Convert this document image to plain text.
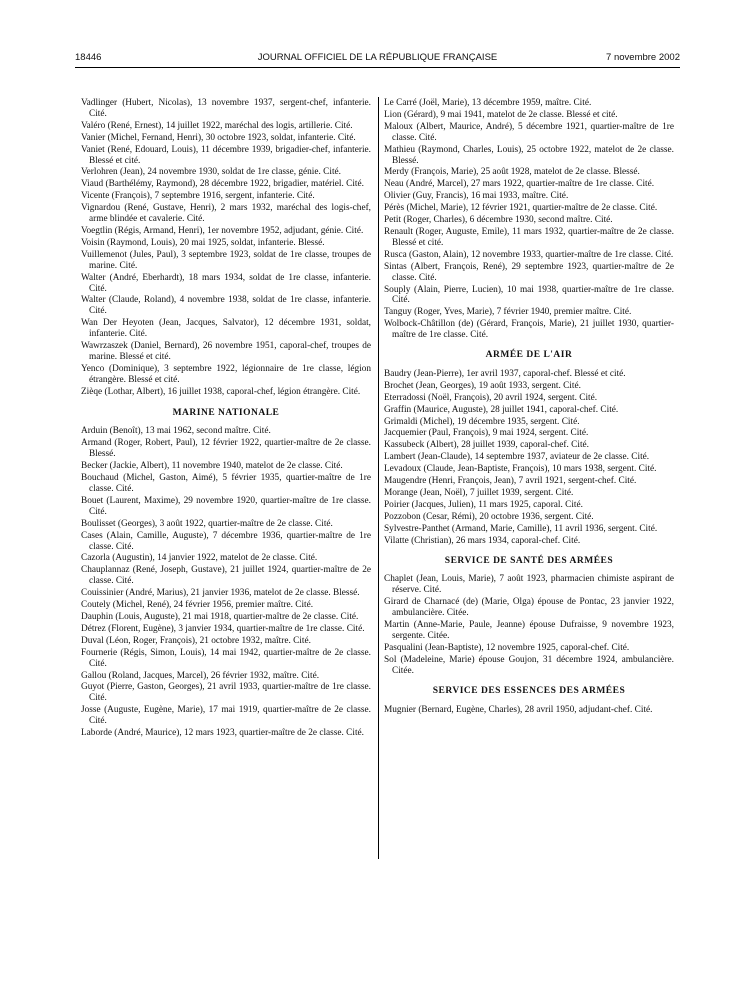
18446	JOURNAL OFFICIEL DE LA RÉPUBLIQUE FRANÇAISE	7 novembre 2002
Vadlinger (Hubert, Nicolas), 13 novembre 1937, sergent-chef, infanterie. Cité.
Valéro (René, Ernest), 14 juillet 1922, maréchal des logis, artillerie. Cité.
Vanier (Michel, Fernand, Henri), 30 octobre 1923, soldat, infanterie. Cité.
Vaniet (René, Edouard, Louis), 11 décembre 1939, brigadier-chef, infanterie. Blessé et cité.
Verlohren (Jean), 24 novembre 1930, soldat de 1re classe, génie. Cité.
Viaud (Barthélémy, Raymond), 28 décembre 1922, brigadier, matériel. Cité.
Vicente (François), 7 septembre 1916, sergent, infanterie. Cité.
Vignardou (René, Gustave, Henri), 2 mars 1932, maréchal des logis-chef, arme blindée et cavalerie. Cité.
Voegtlin (Régis, Armand, Henri), 1er novembre 1952, adjudant, génie. Cité.
Voisin (Raymond, Louis), 20 mai 1925, soldat, infanterie. Blessé.
Vuillemenot (Jules, Paul), 3 septembre 1923, soldat de 1re classe, troupes de marine. Cité.
Walter (André, Eberhardt), 18 mars 1934, soldat de 1re classe, infanterie. Cité.
Walter (Claude, Roland), 4 novembre 1938, soldat de 1re classe, infanterie. Cité.
Wan Der Heyoten (Jean, Jacques, Salvator), 12 décembre 1931, soldat, infanterie. Cité.
Wawrzaszek (Daniel, Bernard), 26 novembre 1951, caporal-chef, troupes de marine. Blessé et cité.
Yenco (Dominique), 3 septembre 1922, légionnaire de 1re classe, légion étrangère. Blessé et cité.
Zièqe (Lothar, Albert), 16 juillet 1938, caporal-chef, légion étrangère. Cité.
MARINE NATIONALE
Arduin (Benoît), 13 mai 1962, second maître. Cité.
Armand (Roger, Robert, Paul), 12 février 1922, quartier-maître de 2e classe. Blessé.
Becker (Jackie, Albert), 11 novembre 1940, matelot de 2e classe. Cité.
Bouchaud (Michel, Gaston, Aimé), 5 février 1935, quartier-maître de 1re classe. Cité.
Bouet (Laurent, Maxime), 29 novembre 1920, quartier-maître de 1re classe. Cité.
Boulisset (Georges), 3 août 1922, quartier-maître de 2e classe. Cité.
Cases (Alain, Camille, Auguste), 7 décembre 1936, quartier-maître de 1re classe. Cité.
Cazorla (Augustin), 14 janvier 1922, matelot de 2e classe. Cité.
Chauplannaz (René, Joseph, Gustave), 21 juillet 1924, quartier-maître de 2e classe. Cité.
Couissinier (André, Marius), 21 janvier 1936, matelot de 2e classe. Blessé.
Coutely (Michel, René), 24 février 1956, premier maître. Cité.
Dauphin (Louis, Auguste), 21 mai 1918, quartier-maître de 2e classe. Cité.
Détrez (Florent, Eugène), 3 janvier 1934, quartier-maître de 1re classe. Cité.
Duval (Léon, Roger, François), 21 octobre 1932, maître. Cité.
Fournerie (Régis, Simon, Louis), 14 mai 1942, quartier-maître de 2e classe. Cité.
Gallou (Roland, Jacques, Marcel), 26 février 1932, maître. Cité.
Guyot (Pierre, Gaston, Georges), 21 avril 1933, quartier-maître de 1re classe. Cité.
Josse (Auguste, Eugène, Marie), 17 mai 1919, quartier-maître de 2e classe. Cité.
Laborde (André, Maurice), 12 mars 1923, quartier-maître de 2e classe. Cité.
Le Carré (Joël, Marie), 13 décembre 1959, maître. Cité.
Lion (Gérard), 9 mai 1941, matelot de 2e classe. Blessé et cité.
Maloux (Albert, Maurice, André), 5 décembre 1921, quartier-maître de 1re classe. Cité.
Mathieu (Raymond, Charles, Louis), 25 octobre 1922, matelot de 2e classe. Blessé.
Merdy (François, Marie), 25 août 1928, matelot de 2e classe. Blessé.
Neau (André, Marcel), 27 mars 1922, quartier-maître de 1re classe. Cité.
Olivier (Guy, Francis), 16 mai 1933, maître. Cité.
Pérès (Michel, Marie), 12 février 1921, quartier-maître de 2e classe. Cité.
Petit (Roger, Charles), 6 décembre 1930, second maître. Cité.
Renault (Roger, Auguste, Emile), 11 mars 1932, quartier-maître de 2e classe. Blessé et cité.
Rusca (Gaston, Alain), 12 novembre 1933, quartier-maître de 1re classe. Cité.
Sintas (Albert, François, René), 29 septembre 1923, quartier-maître de 2e classe. Cité.
Souply (Alain, Pierre, Lucien), 10 mai 1938, quartier-maître de 1re classe. Cité.
Tanguy (Roger, Yves, Marie), 7 février 1940, premier maître. Cité.
Wolbock-Châtillon (de) (Gérard, François, Marie), 21 juillet 1930, quartier-maître de 1re classe. Cité.
ARMÉE DE L'AIR
Baudry (Jean-Pierre), 1er avril 1937, caporal-chef. Blessé et cité.
Brochet (Jean, Georges), 19 août 1933, sergent. Cité.
Eterradossi (Noël, François), 20 avril 1924, sergent. Cité.
Graffin (Maurice, Auguste), 28 juillet 1941, caporal-chef. Cité.
Grimaldi (Michel), 19 décembre 1935, sergent. Cité.
Jacquemier (Paul, François), 9 mai 1924, sergent. Cité.
Kassubeck (Albert), 28 juillet 1939, caporal-chef. Cité.
Lambert (Jean-Claude), 14 septembre 1937, aviateur de 2e classe. Cité.
Levadoux (Claude, Jean-Baptiste, François), 10 mars 1938, sergent. Cité.
Maugendre (Henri, François, Jean), 7 avril 1921, sergent-chef. Cité.
Morange (Jean, Noël), 7 juillet 1939, sergent. Cité.
Poirier (Jacques, Julien), 11 mars 1925, caporal. Cité.
Pozzobon (Cesar, Rémi), 20 octobre 1936, sergent. Cité.
Sylvestre-Panthet (Armand, Marie, Camille), 11 avril 1936, sergent. Cité.
Vilatte (Christian), 26 mars 1934, caporal-chef. Cité.
SERVICE DE SANTÉ DES ARMÉES
Chaplet (Jean, Louis, Marie), 7 août 1923, pharmacien chimiste aspirant de réserve. Cité.
Girard de Charnacé (de) (Marie, Olga) épouse de Pontac, 23 janvier 1922, ambulancière. Citée.
Martin (Anne-Marie, Paule, Jeanne) épouse Dufraisse, 9 novembre 1923, sergente. Citée.
Pasqualini (Jean-Baptiste), 12 novembre 1925, caporal-chef. Cité.
Sol (Madeleine, Marie) épouse Goujon, 31 décembre 1924, ambulancière. Citée.
SERVICE DES ESSENCES DES ARMÉES
Mugnier (Bernard, Eugène, Charles), 28 avril 1950, adjudant-chef. Cité.
